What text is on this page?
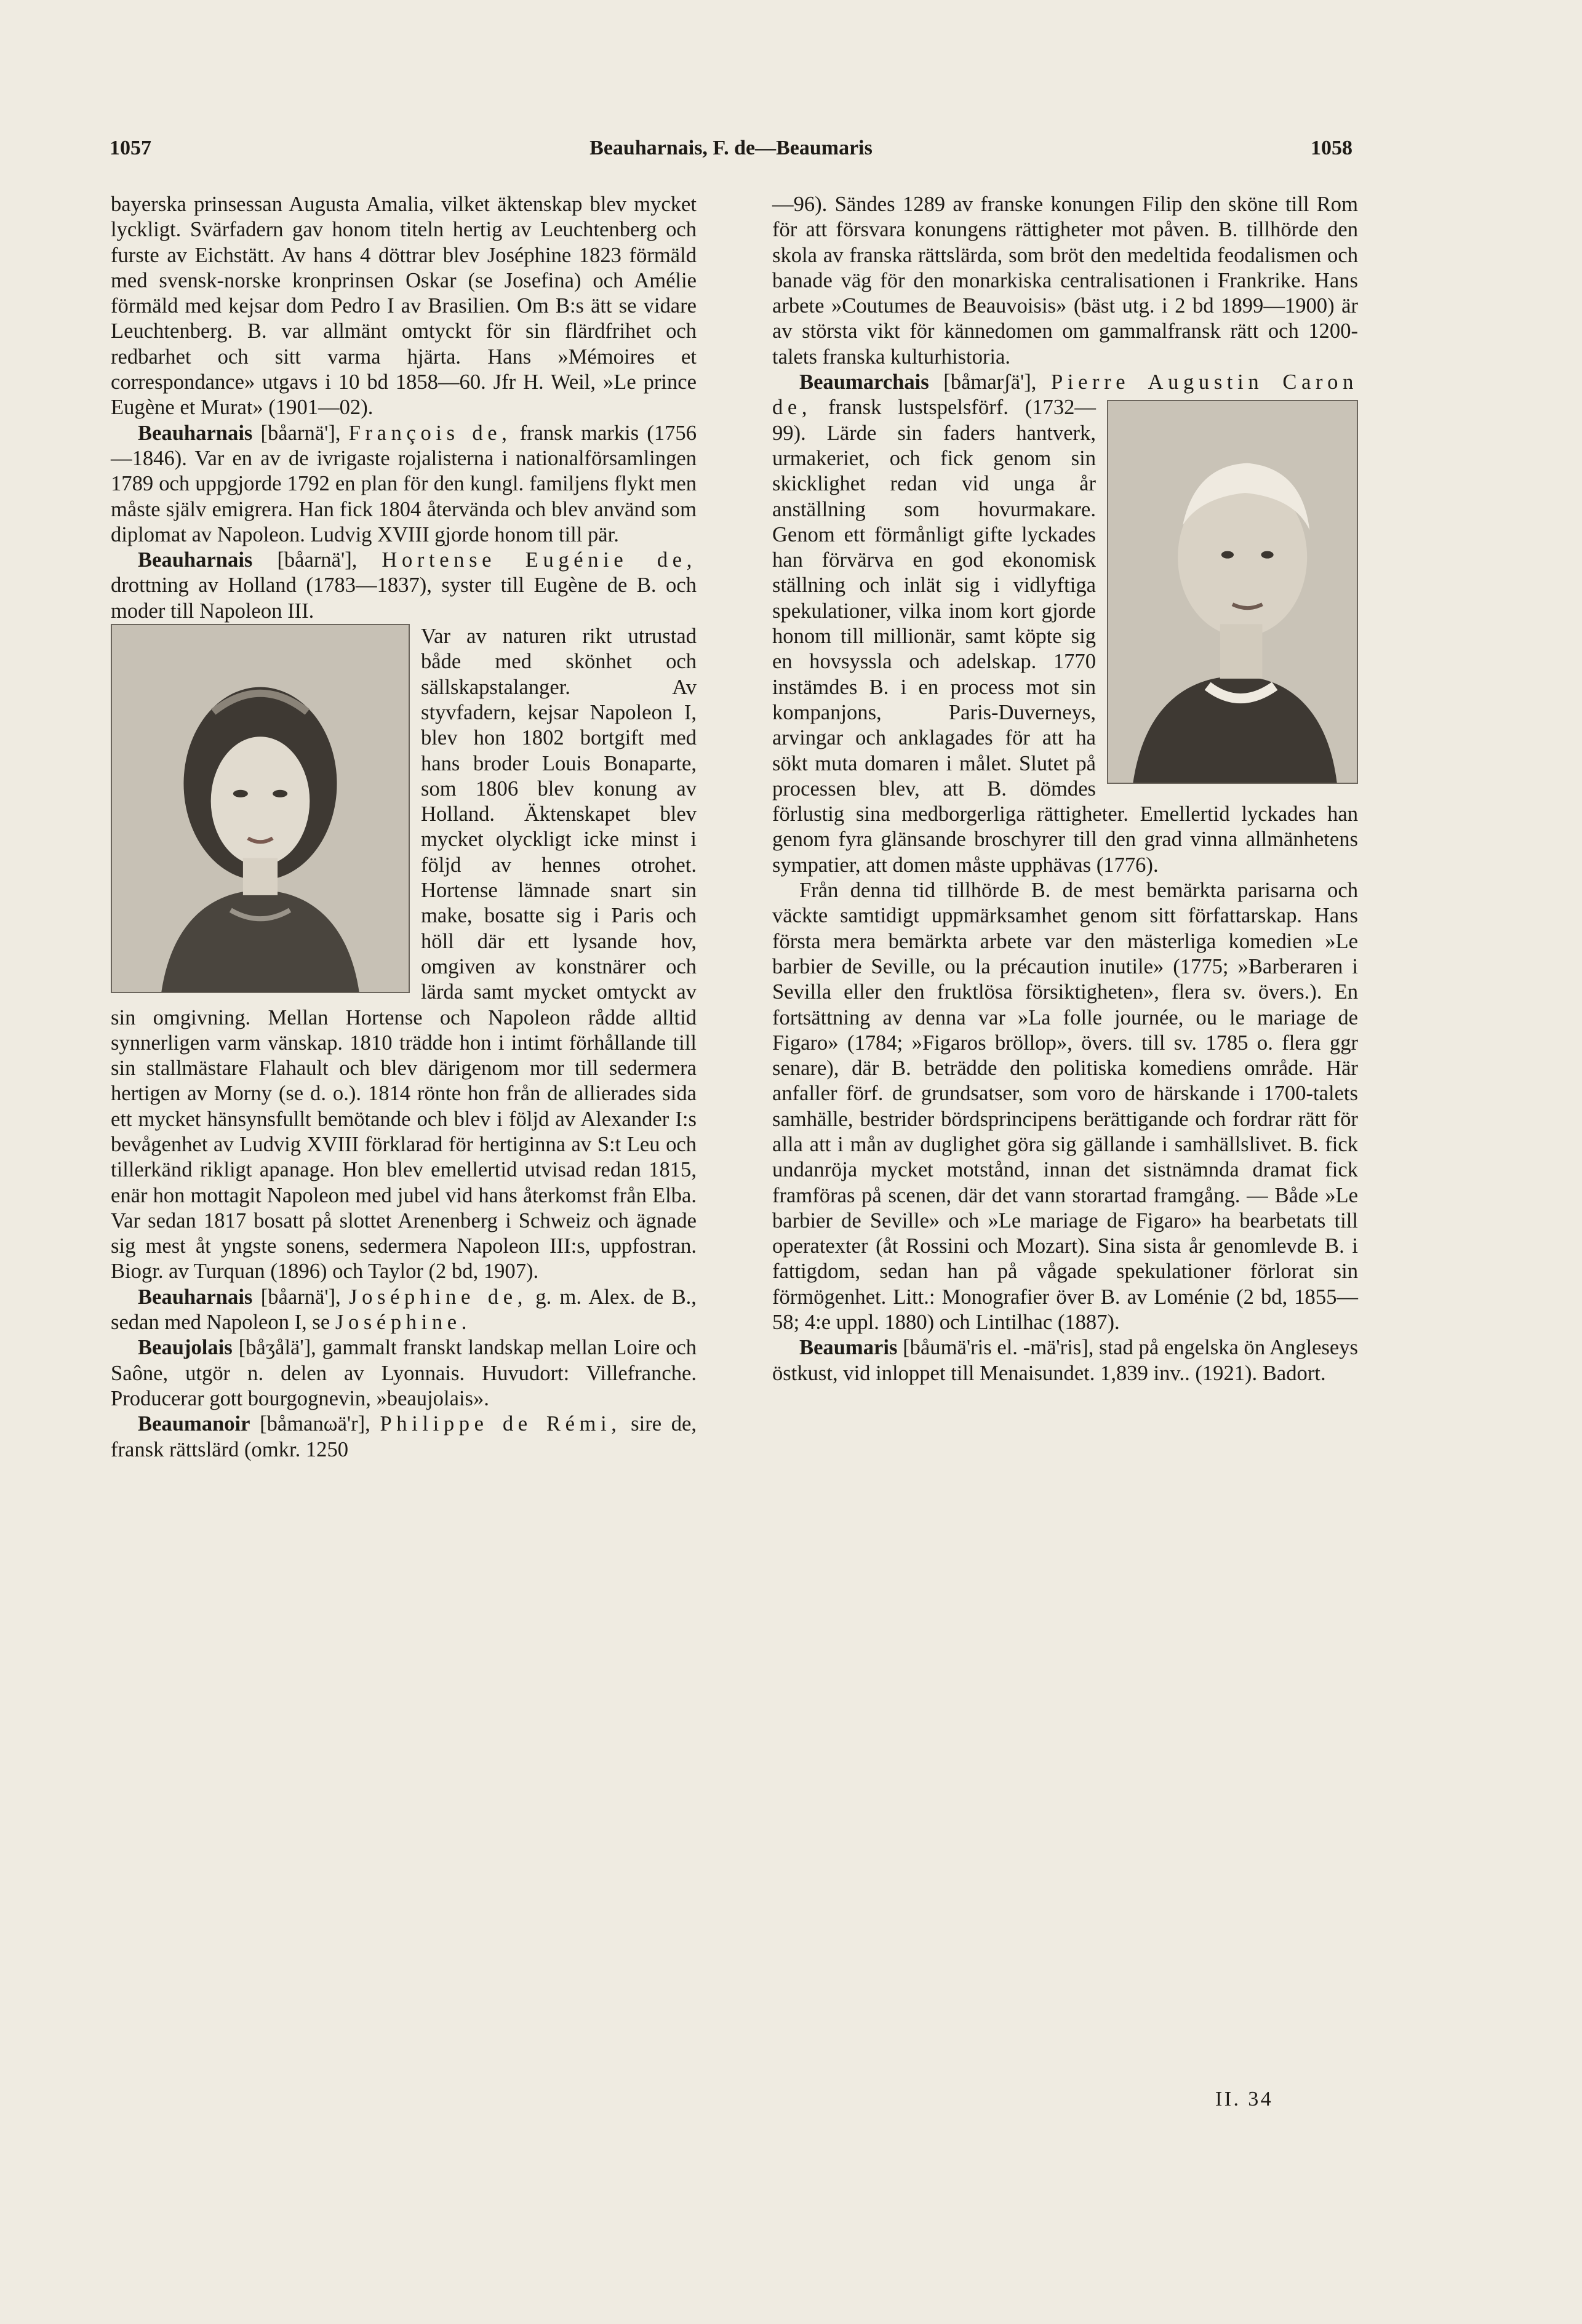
1057	Beauharnais, F. de—Beaumaris	1058

bayerska prinsessan Augusta Amalia, vilket äktenskap blev mycket lyckligt. Svärfadern gav honom titeln hertig av Leuchtenberg och furste av Eichstätt. Av hans 4 döttrar blev Joséphine 1823 förmäld med svensk-norske kronprinsen Oskar (se Josefina) och Amélie förmäld med kejsar dom Pedro I av Brasilien. Om B:s ätt se vidare Leuchtenberg. B. var allmänt omtyckt för sin flärdfrihet och redbarhet och sitt varma hjärta. Hans »Mémoires et correspondance» utgavs i 10 bd 1858—60. Jfr H. Weil, »Le prince Eugène et Murat» (1901—02).

Beauharnais [båarnä'], François de, fransk markis (1756—1846). Var en av de ivrigaste rojalisterna i nationalförsamlingen 1789 och uppgjorde 1792 en plan för den kungl. familjens flykt men måste själv emigrera. Han fick 1804 återvända och blev använd som diplomat av Napoleon. Ludvig XVIII gjorde honom till pär.

Beauharnais [båarnä'], Hortense Eugénie de, drottning av Holland (1783—1837), syster till Eugène de B. och moder till Napoleon III.

Var av naturen rikt utrustad både med skönhet och sällskapstalanger. Av styvfadern, kejsar Napoleon I, blev hon 1802 bortgift med hans broder Louis Bonaparte, som 1806 blev konung av Holland. Äktenskapet blev mycket olyckligt icke minst i följd av hennes otrohet. Hortense lämnade snart sin make, bosatte sig i Paris och höll där ett lysande hov, omgiven av konstnärer och lärda samt mycket omtyckt av sin omgivning. Mellan Hortense och Napoleon rådde alltid synnerligen varm vänskap. 1810 trädde hon i intimt förhållande till sin stallmästare Flahault och blev därigenom mor till sedermera hertigen av Morny (se d. o.). 1814 rönte hon från de allierades sida ett mycket hänsynsfullt bemötande och blev i följd av Alexander I:s bevågenhet av Ludvig XVIII förklarad för hertiginna av S:t Leu och tillerkänd rikligt apanage. Hon blev emellertid utvisad redan 1815, enär hon mottagit Napoleon med jubel vid hans återkomst från Elba. Var sedan 1817 bosatt på slottet Arenenberg i Schweiz och ägnade sig mest åt yngste sonens, sedermera Napoleon III:s, uppfostran. Biogr. av Turquan (1896) och Taylor (2 bd, 1907).

Beauharnais [båarnä'], Joséphine de, g. m. Alex. de B., sedan med Napoleon I, se Joséphine.

Beaujolais [båʒålä'], gammalt franskt landskap mellan Loire och Saône, utgör n. delen av Lyonnais. Huvudort: Villefranche. Producerar gott bourgognevin, »beaujolais».

Beaumanoir [båmanωä'r], Philippe de Rémi, sire de, fransk rättslärd (omkr. 1250

—96). Sändes 1289 av franske konungen Filip den sköne till Rom för att försvara konungens rättigheter mot påven. B. tillhörde den skola av franska rättslärda, som bröt den medeltida feodalismen och banade väg för den monarkiska centralisationen i Frankrike. Hans arbete »Coutumes de Beauvoisis» (bäst utg. i 2 bd 1899—1900) är av största vikt för kännedomen om gammalfransk rätt och 1200-talets franska kulturhistoria.

Beaumarchais [båmarʃä'], Pierre Augustin Caron de, fransk lustspelsförf. (1732—99). Lärde sin faders hantverk, urmakeriet, och fick genom sin skicklighet redan vid unga år anställning som hovurmakare. Genom ett förmånligt gifte lyckades han förvärva en god ekonomisk ställning och inlät sig i vidlyftiga spekulationer, vilka inom kort gjorde honom till millionär, samt köpte sig en hovsyssla och adelskap. 1770 instämdes B. i en process mot sin kompanjons, Paris-Duverneys, arvingar och anklagades för att ha sökt muta domaren i målet. Slutet på processen blev, att B. dömdes förlustig sina medborgerliga rättigheter. Emellertid lyckades han genom fyra glänsande broschyrer till den grad vinna allmänhetens sympatier, att domen måste upphävas (1776).

Från denna tid tillhörde B. de mest bemärkta parisarna och väckte samtidigt uppmärksamhet genom sitt författarskap. Hans första mera bemärkta arbete var den mästerliga komedien »Le barbier de Seville, ou la précaution inutile» (1775; »Barberaren i Sevilla eller den fruktlösa försiktigheten», flera sv. övers.). En fortsättning av denna var »La folle journée, ou le mariage de Figaro» (1784; »Figaros bröllop», övers. till sv. 1785 o. flera ggr senare), där B. beträdde den politiska komediens område. Här anfaller förf. de grundsatser, som voro de härskande i 1700-talets samhälle, bestrider bördsprincipens berättigande och fordrar rätt för alla att i mån av duglighet göra sig gällande i samhällslivet. B. fick undanröja mycket motstånd, innan det sistnämnda dramat fick framföras på scenen, där det vann storartad framgång. — Både »Le barbier de Seville» och »Le mariage de Figaro» ha bearbetats till operatexter (åt Rossini och Mozart). Sina sista år genomlevde B. i fattigdom, sedan han på vågade spekulationer förlorat sin förmögenhet. Litt.: Monografier över B. av Loménie (2 bd, 1855—58; 4:e uppl. 1880) och Lintilhac (1887).

Beaumaris [båumä'ris el. -mä'ris], stad på engelska ön Angleseys östkust, vid inloppet till Menaisundet. 1,839 inv.. (1921). Badort.

II. 34
